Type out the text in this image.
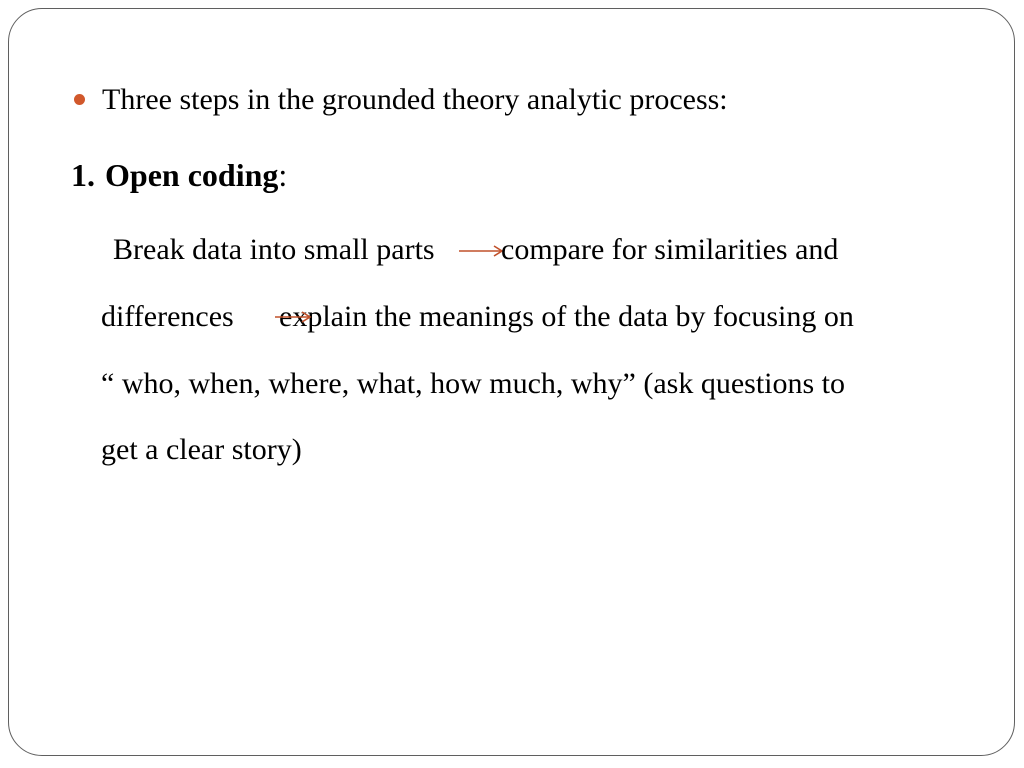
Three steps in the grounded theory analytic process:
1. Open coding:
Break data into small parts compare for similarities and
differences explain the meanings of the data by focusing on
“ who, when, where, what, how much, why” (ask questions to
get a clear story)
